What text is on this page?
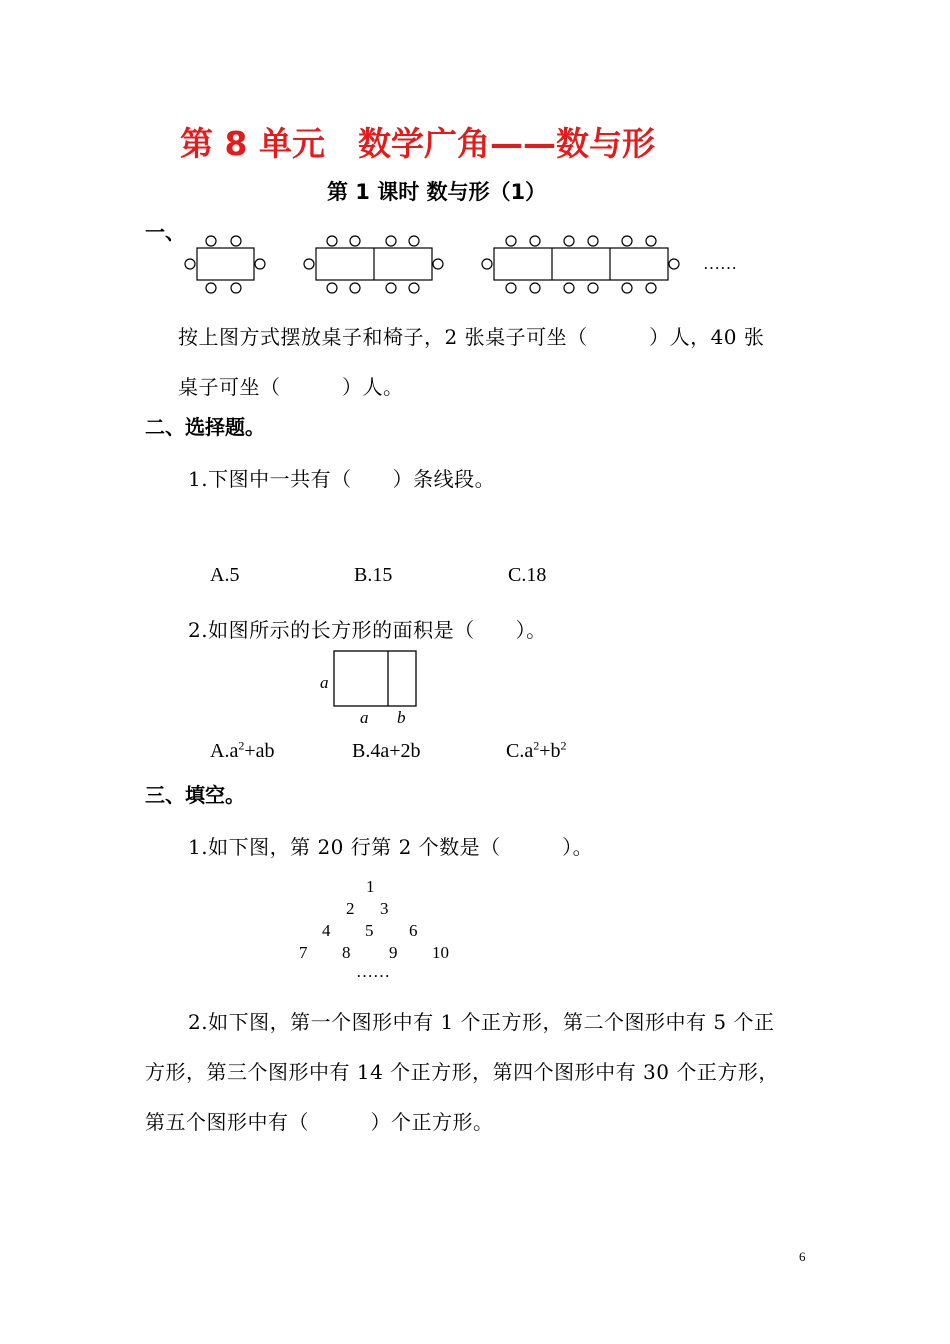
第 8 单元　数学广角——数与形
第 1 课时 数与形（1）
一、
……
按上图方式摆放桌子和椅子，2 张桌子可坐（　　　）人，40 张
桌子可坐（　　　）人。
二、选择题。
1.下图中一共有（　　）条线段。
A.5	B.15	C.18
2.如图所示的长方形的面积是（　　）。
a
a b
$A.a^2+ab$	B.4a+2b	$C.a^2+b^2$
三、填空。
1.如下图，第 20 行第 2 个数是（　　　）。
1
2 3
4 5 6
7 8 9 10
……
2.如下图，第一个图形中有 1 个正方形，第二个图形中有 5 个正
方形，第三个图形中有 14 个正方形，第四个图形中有 30 个正方形，
第五个图形中有（　　　）个正方形。
6
